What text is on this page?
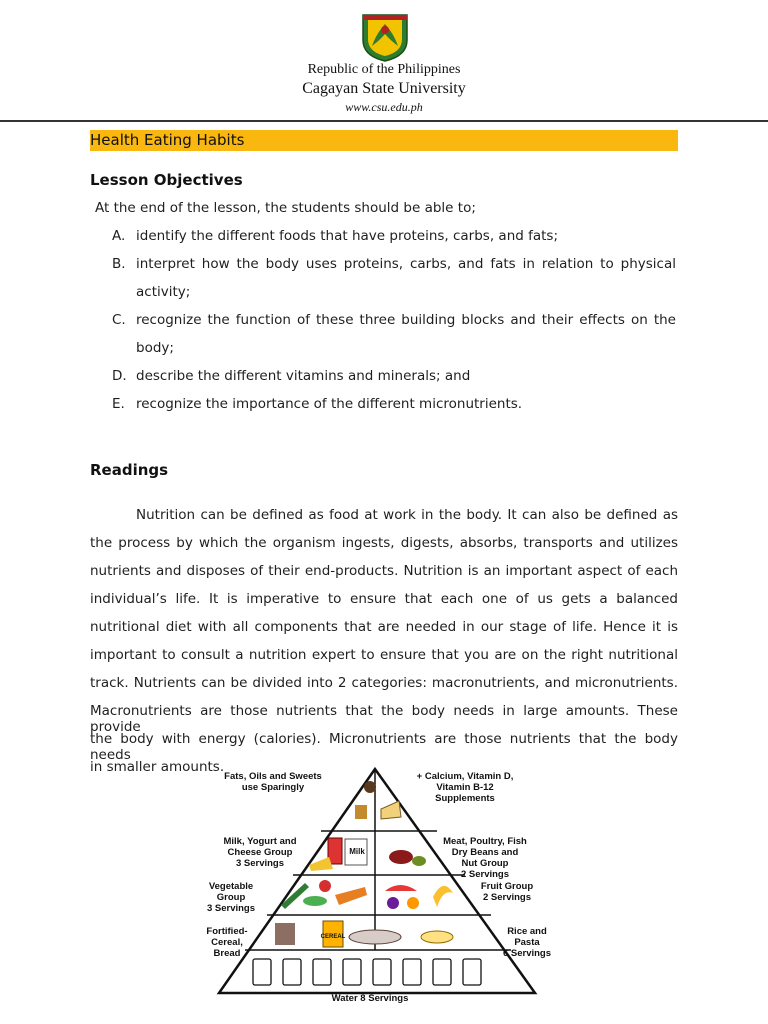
Republic of the Philippines
Cagayan State University
www.csu.edu.ph
Health Eating Habits
Lesson Objectives
At the end of the lesson, the students should be able to;
A. identify the different foods that have proteins, carbs, and fats;
B. interpret how the body uses proteins, carbs, and fats in relation to physical
activity;
C. recognize the function of these three building blocks and their effects on the
body;
D. describe the different vitamins and minerals; and
E. recognize the importance of the different micronutrients.
Readings
Nutrition can be defined as food at work in the body. It can also be defined as
the process by which the organism ingests, digests, absorbs, transports and utilizes
nutrients and disposes of their end-products. Nutrition is an important aspect of each
individual’s life. It is imperative to ensure that each one of us gets a balanced
nutritional diet with all components that are needed in our stage of life. Hence it is
important to consult a nutrition expert to ensure that you are on the right nutritional
track. Nutrients can be divided into 2 categories: macronutrients, and micronutrients.
Macronutrients are those nutrients that the body needs in large amounts. These provide
the body with energy (calories). Micronutrients are those nutrients that the body needs
in smaller amounts.
Fats, Oils and Sweets
use Sparingly
+ Calcium, Vitamin D,
Vitamin B-12
Supplements
Milk, Yogurt and
Cheese Group
3 Servings
Milk
Meat, Poultry, Fish
Dry Beans and
Nut Group
2 Servings
Vegetable
Group
3 Servings
Fruit Group
2 Servings
Fortified-
Cereal,
Bread
CEREAL	Rice and
Pasta
6 Servings
Water 8 Servings
